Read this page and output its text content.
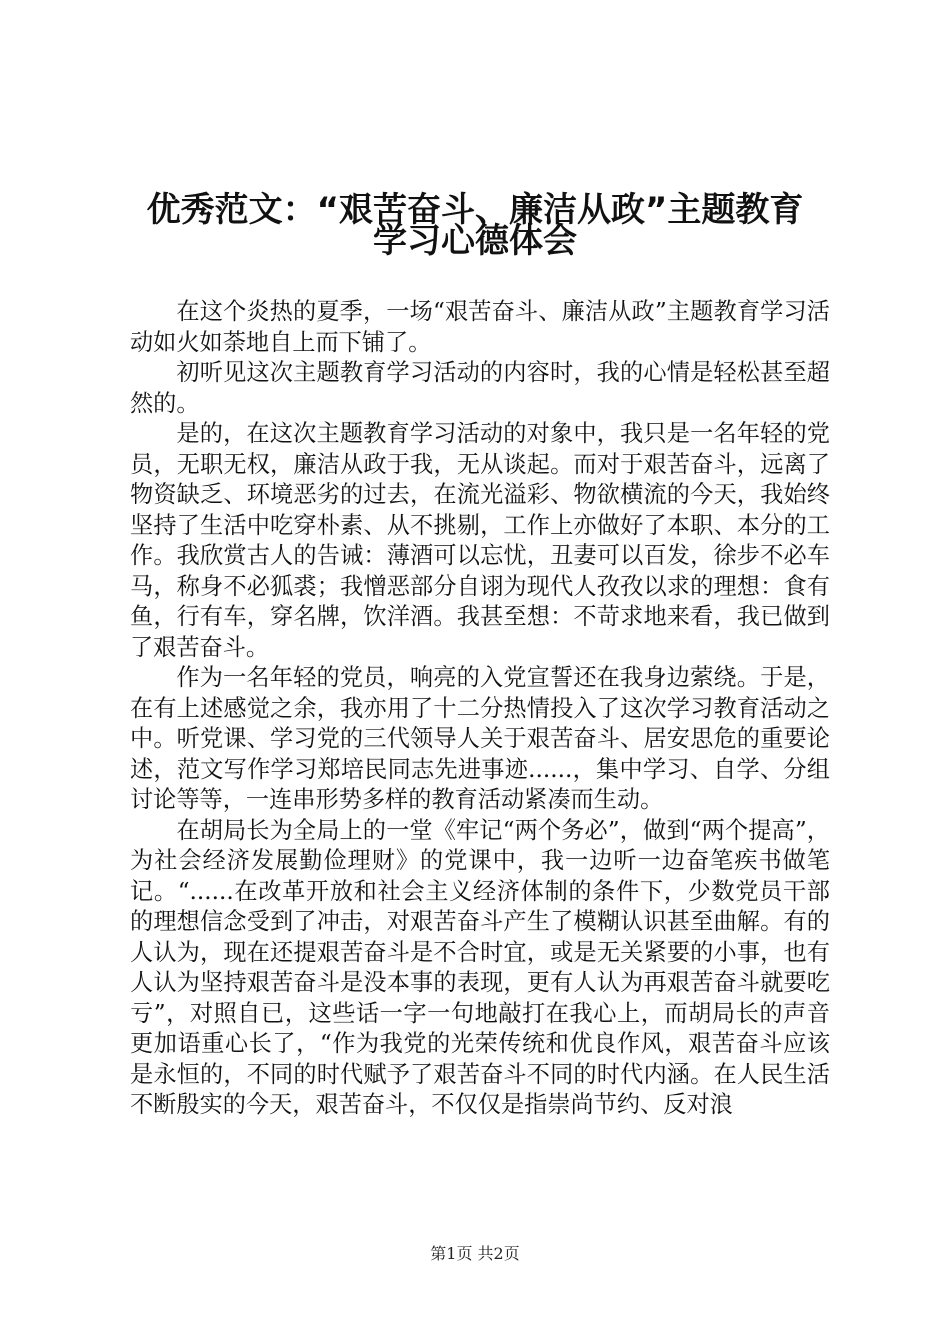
优秀范文：“艰苦奋斗、廉洁从政”主题教育
学习心德体会

在这个炎热的夏季，一场“艰苦奋斗、廉洁从政”主题教育学习活动如火如荼地自上而下铺了。

初听见这次主题教育学习活动的内容时，我的心情是轻松甚至超然的。

是的，在这次主题教育学习活动的对象中，我只是一名年轻的党员，无职无权，廉洁从政于我，无从谈起。而对于艰苦奋斗，远离了物资缺乏、环境恶劣的过去，在流光溢彩、物欲横流的今天，我始终坚持了生活中吃穿朴素、从不挑剔，工作上亦做好了本职、本分的工作。我欣赏古人的告诫：薄酒可以忘忧，丑妻可以百发，徐步不必车马，称身不必狐裘；我憎恶部分自诩为现代人孜孜以求的理想：食有鱼，行有车，穿名牌，饮洋酒。我甚至想：不苛求地来看，我已做到了艰苦奋斗。

作为一名年轻的党员，响亮的入党宣誓还在我身边萦绕。于是，在有上述感觉之余，我亦用了十二分热情投入了这次学习教育活动之中。听党课、学习党的三代领导人关于艰苦奋斗、居安思危的重要论述，范文写作学习郑培民同志先进事迹......，集中学习、自学、分组讨论等等，一连串形势多样的教育活动紧凑而生动。

在胡局长为全局上的一堂《牢记“两个务必”，做到“两个提高”，为社会经济发展勤俭理财》的党课中，我一边听一边奋笔疾书做笔记。“......在改革开放和社会主义经济体制的条件下，少数党员干部的理想信念受到了冲击，对艰苦奋斗产生了模糊认识甚至曲解。有的人认为，现在还提艰苦奋斗是不合时宜，或是无关紧要的小事，也有人认为坚持艰苦奋斗是没本事的表现，更有人认为再艰苦奋斗就要吃亏”，对照自已，这些话一字一句地敲打在我心上，而胡局长的声音更加语重心长了，“作为我党的光荣传统和优良作风，艰苦奋斗应该是永恒的，不同的时代赋予了艰苦奋斗不同的时代内涵。在人民生活不断殷实的今天，艰苦奋斗，不仅仅是指崇尚节约、反对浪

第1页 共2页
